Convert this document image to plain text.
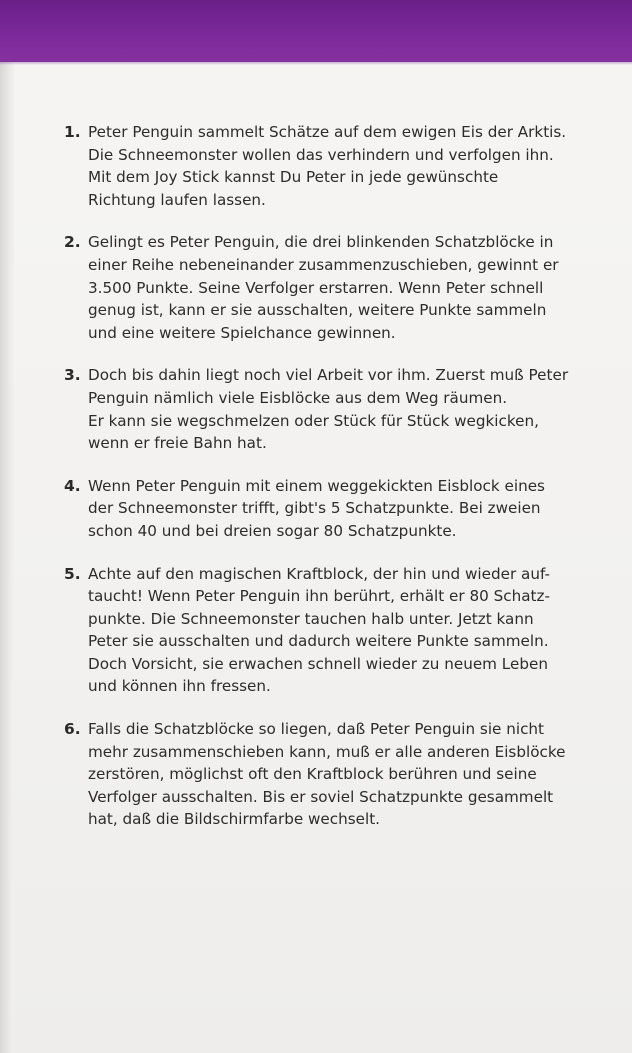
1. Peter Penguin sammelt Schätze auf dem ewigen Eis der Arktis.
Die Schneemonster wollen das verhindern und verfolgen ihn.
Mit dem Joy Stick kannst Du Peter in jede gewünschte
Richtung laufen lassen.
2. Gelingt es Peter Penguin, die drei blinkenden Schatzblöcke in
einer Reihe nebeneinander zusammenzuschieben, gewinnt er
3.500 Punkte. Seine Verfolger erstarren. Wenn Peter schnell
genug ist, kann er sie ausschalten, weitere Punkte sammeln
und eine weitere Spielchance gewinnen.
3. Doch bis dahin liegt noch viel Arbeit vor ihm. Zuerst muß Peter
Penguin nämlich viele Eisblöcke aus dem Weg räumen.
Er kann sie wegschmelzen oder Stück für Stück wegkicken,
wenn er freie Bahn hat.
4. Wenn Peter Penguin mit einem weggekickten Eisblock eines
der Schneemonster trifft, gibt's 5 Schatzpunkte. Bei zweien
schon 40 und bei dreien sogar 80 Schatzpunkte.
5. Achte auf den magischen Kraftblock, der hin und wieder auf-
taucht! Wenn Peter Penguin ihn berührt, erhält er 80 Schatz-
punkte. Die Schneemonster tauchen halb unter. Jetzt kann
Peter sie ausschalten und dadurch weitere Punkte sammeln.
Doch Vorsicht, sie erwachen schnell wieder zu neuem Leben
und können ihn fressen.
6. Falls die Schatzblöcke so liegen, daß Peter Penguin sie nicht
mehr zusammenschieben kann, muß er alle anderen Eisblöcke
zerstören, möglichst oft den Kraftblock berühren und seine
Verfolger ausschalten. Bis er soviel Schatzpunkte gesammelt
hat, daß die Bildschirmfarbe wechselt.
